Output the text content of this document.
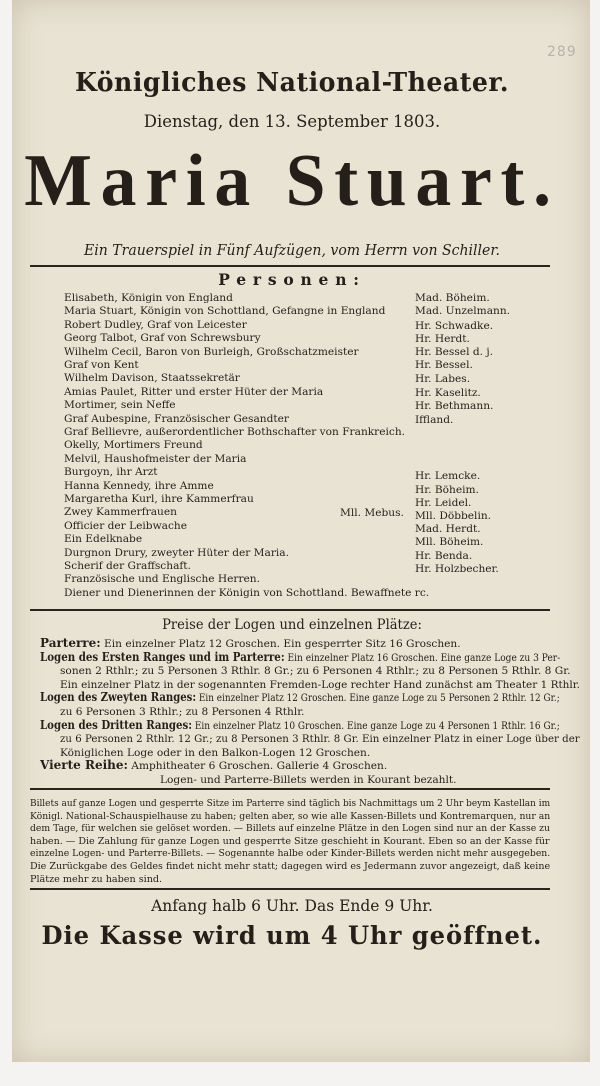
289
Königliches National-Theater.
Dienstag, den 13. September 1803.
Maria Stuart.
Ein Trauerspiel in Fünf Aufzügen, vom Herrn von Schiller.
Personen:
Elisabeth, Königin von England
Maria Stuart, Königin von Schottland, Gefangne in England
Robert Dudley, Graf von Leicester
Georg Talbot, Graf von Schrewsbury
Wilhelm Cecil, Baron von Burleigh, Großschatzmeister
Graf von Kent
Wilhelm Davison, Staatssekretär
Amias Paulet, Ritter und erster Hüter der Maria
Mortimer, sein Neffe
Graf Aubespine, Französischer Gesandter
Graf Bellievre, außerordentlicher Bothschafter von Frankreich.
Okelly, Mortimers Freund
Melvil, Haushofmeister der Maria
Burgoyn, ihr Arzt
Hanna Kennedy, ihre Amme
Margaretha Kurl, ihre Kammerfrau
Zwey Kammerfrauen
Officier der Leibwache
Ein Edelknabe
Durgnon Drury, zweyter Hüter der Maria.
Scherif der Graffschaft.
Französische und Englische Herren.
Diener und Dienerinnen der Königin von Schottland. Bewaffnete rc.
Mad. Böheim.
Mad. Unzelmann.
Hr. Schwadke.
Hr. Herdt.
Hr. Bessel d. j.
Hr. Bessel.
Hr. Labes.
Hr. Kaselitz.
Hr. Bethmann.
Iffland.
Hr. Lemcke.
Hr. Böheim.
Hr. Leidel.
Mll. Döbbelin.
Mad. Herdt.
Mll. Böheim.
Hr. Benda.
Hr. Holzbecher.
Mll. Mebus.
Preise der Logen und einzelnen Plätze:
Parterre: Ein einzelner Platz 12 Groschen. Ein gesperrter Sitz 16 Groschen.
Logen des Ersten Ranges und im Parterre: Ein einzelner Platz 16 Groschen. Eine ganze Loge zu 3 Per-
sonen 2 Rthlr.; zu 5 Personen 3 Rthlr. 8 Gr.; zu 6 Personen 4 Rthlr.; zu 8 Personen 5 Rthlr. 8 Gr.
Ein einzelner Platz in der sogenannten Fremden-Loge rechter Hand zunächst am Theater 1 Rthlr.
Logen des Zweyten Ranges: Ein einzelner Platz 12 Groschen. Eine ganze Loge zu 5 Personen 2 Rthlr. 12 Gr.;
zu 6 Personen 3 Rthlr.; zu 8 Personen 4 Rthlr.
Logen des Dritten Ranges: Ein einzelner Platz 10 Groschen. Eine ganze Loge zu 4 Personen 1 Rthlr. 16 Gr.;
zu 6 Personen 2 Rthlr. 12 Gr.; zu 8 Personen 3 Rthlr. 8 Gr. Ein einzelner Platz in einer Loge über der
Königlichen Loge oder in den Balkon-Logen 12 Groschen.
Vierte Reihe: Amphitheater 6 Groschen. Gallerie 4 Groschen.
Logen- und Parterre-Billets werden in Kourant bezahlt.
Billets auf ganze Logen und gesperrte Sitze im Parterre sind täglich bis Nachmittags um 2 Uhr beym Kastellan im
Königl. National-Schauspielhause zu haben; gelten aber, so wie alle Kassen-Billets und Kontremarquen, nur an
dem Tage, für welchen sie gelöset worden. — Billets auf einzelne Plätze in den Logen sind nur an der Kasse zu
haben. — Die Zahlung für ganze Logen und gesperrte Sitze geschieht in Kourant. Eben so an der Kasse für
einzelne Logen- und Parterre-Billets. — Sogenannte halbe oder Kinder-Billets werden nicht mehr ausgegeben.
Die Zurückgabe des Geldes findet nicht mehr statt; dagegen wird es Jedermann zuvor angezeigt, daß keine
Plätze mehr zu haben sind.
Anfang halb 6 Uhr. Das Ende 9 Uhr.
Die Kasse wird um 4 Uhr geöffnet.
